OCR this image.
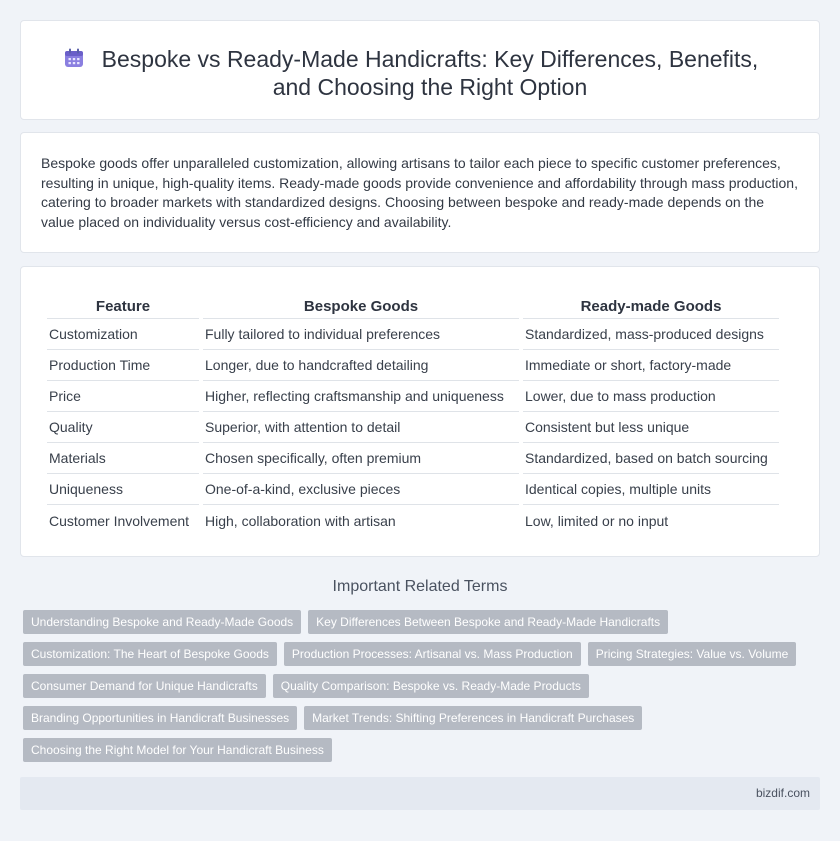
Bespoke vs Ready-Made Handicrafts: Key Differences, Benefits, and Choosing the Right Option

Bespoke goods offer unparalleled customization, allowing artisans to tailor each piece to specific customer preferences, resulting in unique, high-quality items. Ready-made goods provide convenience and affordability through mass production, catering to broader markets with standardized designs. Choosing between bespoke and ready-made depends on the value placed on individuality versus cost-efficiency and availability.

Feature	Bespoke Goods	Ready-made Goods
Customization	Fully tailored to individual preferences	Standardized, mass-produced designs
Production Time	Longer, due to handcrafted detailing	Immediate or short, factory-made
Price	Higher, reflecting craftsmanship and uniqueness	Lower, due to mass production
Quality	Superior, with attention to detail	Consistent but less unique
Materials	Chosen specifically, often premium	Standardized, based on batch sourcing
Uniqueness	One-of-a-kind, exclusive pieces	Identical copies, multiple units
Customer Involvement	High, collaboration with artisan	Low, limited or no input
Important Related Terms
Understanding Bespoke and Ready-Made Goods	Key Differences Between Bespoke and Ready-Made Handicrafts
Customization: The Heart of Bespoke Goods	Production Processes: Artisanal vs. Mass Production	Pricing Strategies: Value vs. Volume
Consumer Demand for Unique Handicrafts	Quality Comparison: Bespoke vs. Ready-Made Products
Branding Opportunities in Handicraft Businesses	Market Trends: Shifting Preferences in Handicraft Purchases
Choosing the Right Model for Your Handicraft Business
bizdif.com
